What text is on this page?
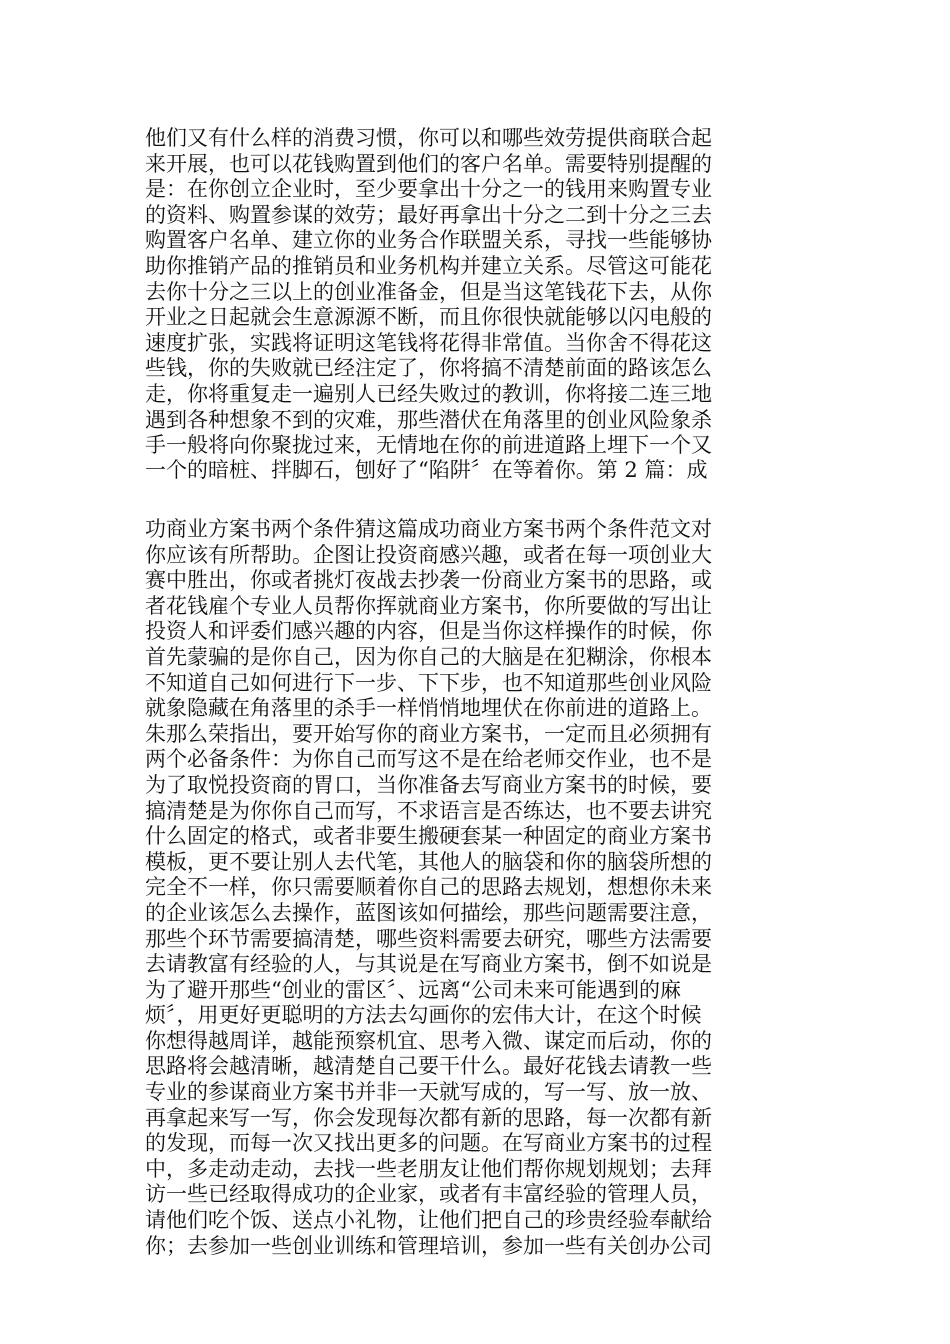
他们又有什么样的消费习惯，你可以和哪些效劳提供商联合起
来开展，也可以花钱购置到他们的客户名单。需要特别提醒的
是：在你创立企业时，至少要拿出十分之一的钱用来购置专业
的资料、购置参谋的效劳；最好再拿出十分之二到十分之三去
购置客户名单、建立你的业务合作联盟关系，寻找一些能够协
助你推销产品的推销员和业务机构并建立关系。尽管这可能花
去你十分之三以上的创业准备金，但是当这笔钱花下去，从你
开业之日起就会生意源源不断，而且你很快就能够以闪电般的
速度扩张，实践将证明这笔钱将花得非常值。当你舍不得花这
些钱，你的失败就已经注定了，你将搞不清楚前面的路该怎么
走，你将重复走一遍别人已经失败过的教训，你将接二连三地
遇到各种想象不到的灾难，那些潜伏在角落里的创业风险象杀
手一般将向你聚拢过来，无情地在你的前进道路上埋下一个又
一个的暗桩、拌脚石，刨好了“陷阱〞在等着你。第 2 篇：成
功商业方案书两个条件猜这篇成功商业方案书两个条件范文对
你应该有所帮助。企图让投资商感兴趣，或者在每一项创业大
赛中胜出，你或者挑灯夜战去抄袭一份商业方案书的思路，或
者花钱雇个专业人员帮你挥就商业方案书，你所要做的写出让
投资人和评委们感兴趣的内容，但是当你这样操作的时候，你
首先蒙骗的是你自己，因为你自己的大脑是在犯糊涂，你根本
不知道自己如何进行下一步、下下步，也不知道那些创业风险
就象隐藏在角落里的杀手一样悄悄地埋伏在你前进的道路上。
朱那么荣指出，要开始写你的商业方案书，一定而且必须拥有
两个必备条件：为你自己而写这不是在给老师交作业，也不是
为了取悦投资商的胃口，当你准备去写商业方案书的时候，要
搞清楚是为你你自己而写，不求语言是否练达，也不要去讲究
什么固定的格式，或者非要生搬硬套某一种固定的商业方案书
模板，更不要让别人去代笔，其他人的脑袋和你的脑袋所想的
完全不一样，你只需要顺着你自己的思路去规划，想想你未来
的企业该怎么去操作，蓝图该如何描绘，那些问题需要注意，
那些个环节需要搞清楚，哪些资料需要去研究，哪些方法需要
去请教富有经验的人，与其说是在写商业方案书，倒不如说是
为了避开那些“创业的雷区〞、远离“公司未来可能遇到的麻
烦〞，用更好更聪明的方法去勾画你的宏伟大计，在这个时候
你想得越周详，越能预察机宜、思考入微、谋定而后动，你的
思路将会越清晰，越清楚自己要干什么。最好花钱去请教一些
专业的参谋商业方案书并非一天就写成的，写一写、放一放、
再拿起来写一写，你会发现每次都有新的思路，每一次都有新
的发现，而每一次又找出更多的问题。在写商业方案书的过程
中，多走动走动，去找一些老朋友让他们帮你规划规划；去拜
访一些已经取得成功的企业家，或者有丰富经验的管理人员，
请他们吃个饭、送点小礼物，让他们把自己的珍贵经验奉献给
你；去参加一些创业训练和管理培训，参加一些有关创办公司
